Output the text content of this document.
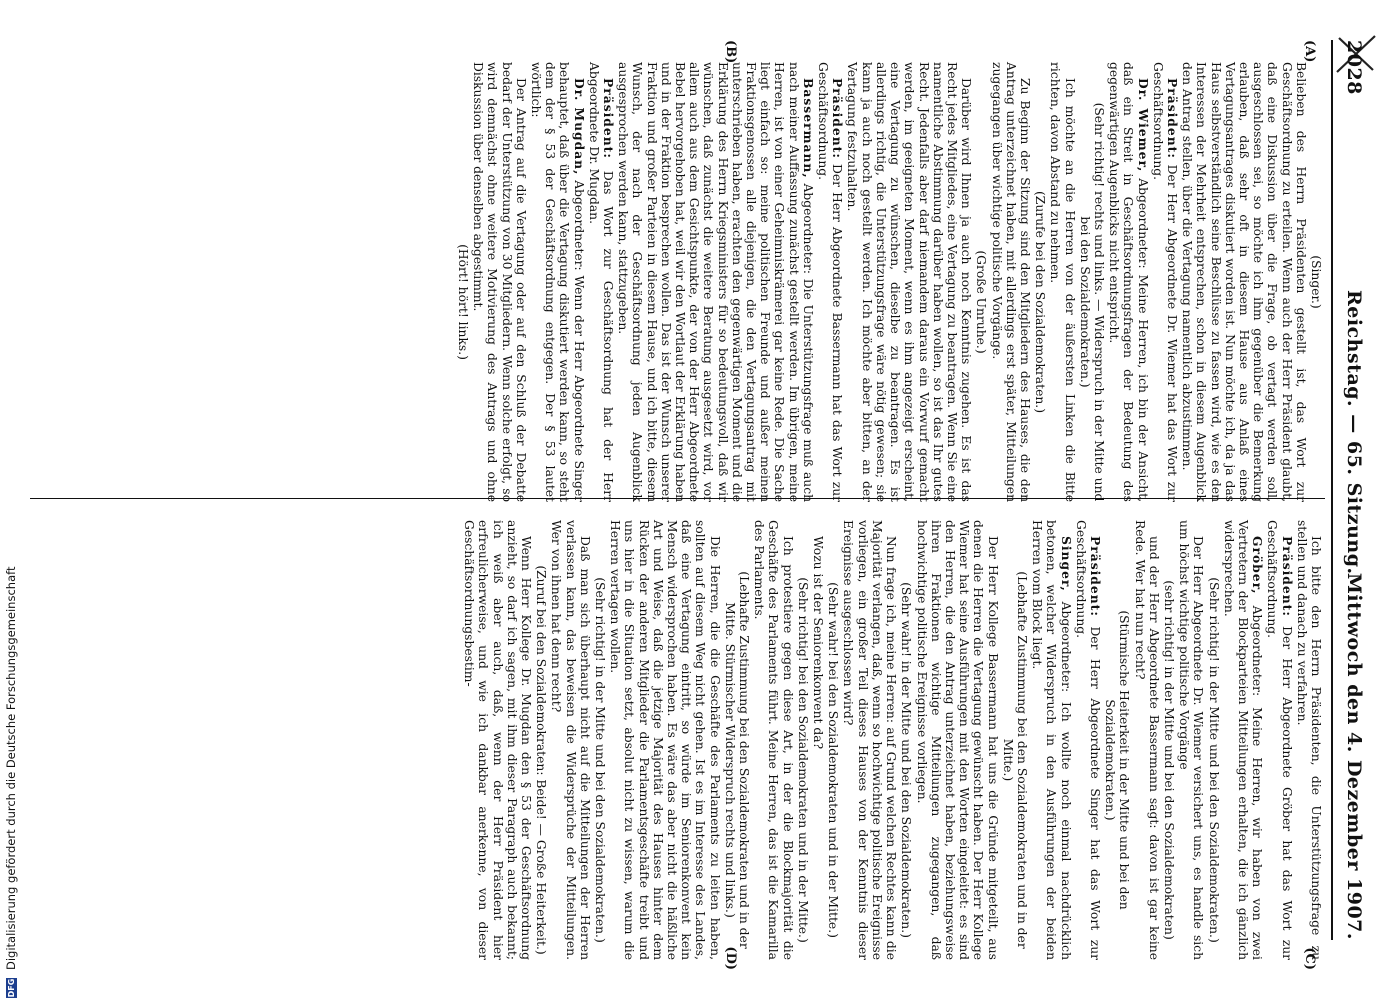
2028
Reichstag. — 65. Sitzung.
Mittwoch den 4. Dezember 1907.
(A)
(B)
(C)
(D)

(Singer.)

Belieben des Herrn Präsidenten gestellt ist, das Wort zur Geschäftsordnung zu erteilen. Wenn auch der Herr Präsident glaubt, daß eine Diskussion über die Frage, ob vertagt werden soll, ausgeschlossen sei, so möchte ich ihm gegenüber die Bemerkung erlauben, daß sehr oft in diesem Hause aus Anlaß eines Vertagungsantrages diskutiert worden ist. Nun möchte ich, da ja das Haus selbstverständlich seine Beschlüsse zu fassen wird, wie es den Interessen der Mehrheit entsprechen, schon in diesem Augenblick den Antrag stellen, über die Vertagung namentlich abzustimmen.

Präsident: Der Herr Abgeordnete Dr. Wiemer hat das Wort zur Geschäftsordnung.

Dr. Wiemer, Abgeordneter: Meine Herren, ich bin der Ansicht, daß ein Streit in Geschäftsordnungsfragen der Bedeutung des gegenwärtigen Augenblicks nicht entspricht.

(Sehr richtig! rechts und links. — Widerspruch in der Mitte und bei den Sozialdemokraten.)

Ich möchte an die Herren von der äußersten Linken die Bitte richten, davon Abstand zu nehmen.

(Zurufe bei den Sozialdemokraten.)

Zu Beginn der Sitzung sind den Mitgliedern des Hauses, die den Antrag unterzeichnet haben, mit allerdings erst später, Mitteilungen zugegangen über wichtige politische Vorgänge.

(Große Unruhe.)

Darüber wird Ihnen ja auch noch Kenntnis zugehen. Es ist das Recht jedes Mitgliedes, eine Vertagung zu beantragen. Wenn Sie eine namentliche Abstimmung darüber haben wollen, so ist das Ihr gutes Recht. Jedenfalls aber darf niemandem daraus ein Vorwurf gemacht werden, im geeigneten Moment, wenn es ihm angezeigt erscheint, eine Vertagung zu wünschen, dieselbe zu beantragen. Es ist allerdings richtig, die Unterstützungsfrage wäre nötig gewesen; sie kann ja auch noch gestellt werden. Ich möchte aber bitten, an der Vertagung festzuhalten.

Präsident: Der Herr Abgeordnete Bassermann hat das Wort zur Geschäftsordnung.

Bassermann, Abgeordneter: Die Unterstützungsfrage muß auch nach meiner Auffassung zunächst gestellt werden. Im übrigen, meine Herren, ist von einer Geheimniskrämerei gar keine Rede. Die Sache liegt einfach so: meine politischen Freunde und außer meinen Fraktionsgenossen alle diejenigen, die den Vertagungsantrag mit unterschrieben haben, erachten den gegenwärtigen Moment und die Erklärung des Herrn Kriegsministers für so bedeutungsvoll, daß wir wünschen, daß zunächst die weitere Beratung ausgesetzt wird, vor allem auch aus dem Gesichtspunkte, der von der Herr Abgeordnete Bebel hervorgehoben hat, weil wir den Wortlaut der Erklärung haben und in der Fraktion besprechen wollen. Das ist der Wunsch unserer Fraktion und großer Parteien in diesem Hause, und ich bitte, diesem Wunsch, der nach der Geschäftsordnung jeden Augenblick ausgesprochen werden kann, stattzugeben.

Präsident: Das Wort zur Geschäftsordnung hat der Herr Abgeordnete Dr. Mugdan.

Dr. Mugdan, Abgeordneter: Wenn der Herr Abgeordnete Singer behauptet, daß über die Vertagung diskutiert werden kann, so steht dem der § 53 der Geschäftsordnung entgegen. Der § 53 lautet wörtlich:

Der Antrag auf die Vertagung oder auf den Schluß der Debatte bedarf der Unterstützung von 30 Mitgliedern. Wenn solche erfolgt, so wird demnächst ohne weitere Motivierung des Antrags und ohne Diskussion über denselben abgestimmt.

(Hört! hört! links.)

Ich bitte den Herrn Präsidenten, die Unterstützungsfrage zu stellen und danach zu verfahren.

Präsident: Der Herr Abgeordnete Gröber hat das Wort zur Geschäftsordnung.

Gröber, Abgeordneter: Meine Herren, wir haben von zwei Vertretern der Blockparteien Mitteilungen erhalten, die ich gänzlich widersprechen.

(Sehr richtig! in der Mitte und bei den Sozialdemokraten.)

Der Herr Abgeordnete Dr. Wiemer versichert uns, es handle sich um höchst wichtige politische Vorgänge

(sehr richtig! in der Mitte und bei den Sozialdemokraten)

und der Herr Abgeordnete Bassermann sagt: davon ist gar keine Rede. Wer hat nun recht?

(Stürmische Heiterkeit in der Mitte und bei den Sozialdemokraten.)

Präsident: Der Herr Abgeordnete Singer hat das Wort zur Geschäftsordnung.

Singer, Abgeordneter: Ich wollte noch einmal nachdrücklich betonen, welcher Widerspruch in den Ausführungen der beiden Herren vom Block liegt.

(Lebhafte Zustimmung bei den Sozialdemokraten und in der Mitte.)

Der Herr Kollege Bassermann hat uns die Gründe mitgeteilt, aus denen die Herren die Vertagung gewünscht haben. Der Herr Kollege Wiemer hat seine Ausführungen mit den Worten eingeleitet: es sind den Herren, die den Antrag unterzeichnet haben, beziehungsweise ihren Fraktionen wichtige Mitteilungen zugegangen, daß hochwichtige politische Ereignisse vorliegen.

(Sehr wahr! in der Mitte und bei den Sozialdemokraten.)

Nun frage ich, meine Herren: auf Grund welchen Rechtes kann die Majorität verlangen, daß, wenn so hochwichtige politische Ereignisse vorliegen, ein großer Teil dieses Hauses von der Kenntnis dieser Ereignisse ausgeschlossen wird?

(Sehr wahr! bei den Sozialdemokraten und in der Mitte.)

Wozu ist der Seniorenkonvent da?

(Sehr richtig! bei den Sozialdemokraten und in der Mitte.)

Ich protestiere gegen diese Art, in der die Blockmajorität die Geschäfte des Parlaments führt. Meine Herren, das ist die Kamarilla des Parlaments.

(Lebhafte Zustimmung bei den Sozialdemokraten und in der Mitte. Stürmischer Widerspruch rechts und links.)

Die Herren, die die Geschäfte des Parlaments zu leiten haben, sollten auf diesem Weg nicht gehen. Ist es im Interesse des Landes, daß eine Vertagung eintritt, so würde im Seniorenkonvent kein Mensch widersprochen haben. Es wäre das aber nicht die häßliche Art und Weise, daß die jetzige Majorität des Hauses hinter dem Rücken der anderen Mitglieder die Parlamentsgeschäfte treibt und uns hier in die Situation setzt, absolut nicht zu wissen, warum die Herren vertagen wollen.

(Sehr richtig! in der Mitte und bei den Sozialdemokraten.)

Daß man sich überhaupt nicht auf die Mitteilungen der Herren verlassen kann, das beweisen die Widersprüche der Mitteilungen. Wer von ihnen hat denn recht?

(Zuruf bei den Sozialdemokraten: Beide! — Große Heiterkeit.)

Wenn Herr Kollege Dr. Mugdan den § 53 der Geschäftsordnung anzieht, so darf ich sagen, mit ihm dieser Paragraph auch bekannt; ich weiß aber auch, daß, wenn der Herr Präsident hier erfreulicherweise, und wie ich dankbar anerkenne, von dieser Geschäftsordnungsbestim-

DFG
Digitalisierung gefördert durch die Deutsche Forschungsgemeinschaft
